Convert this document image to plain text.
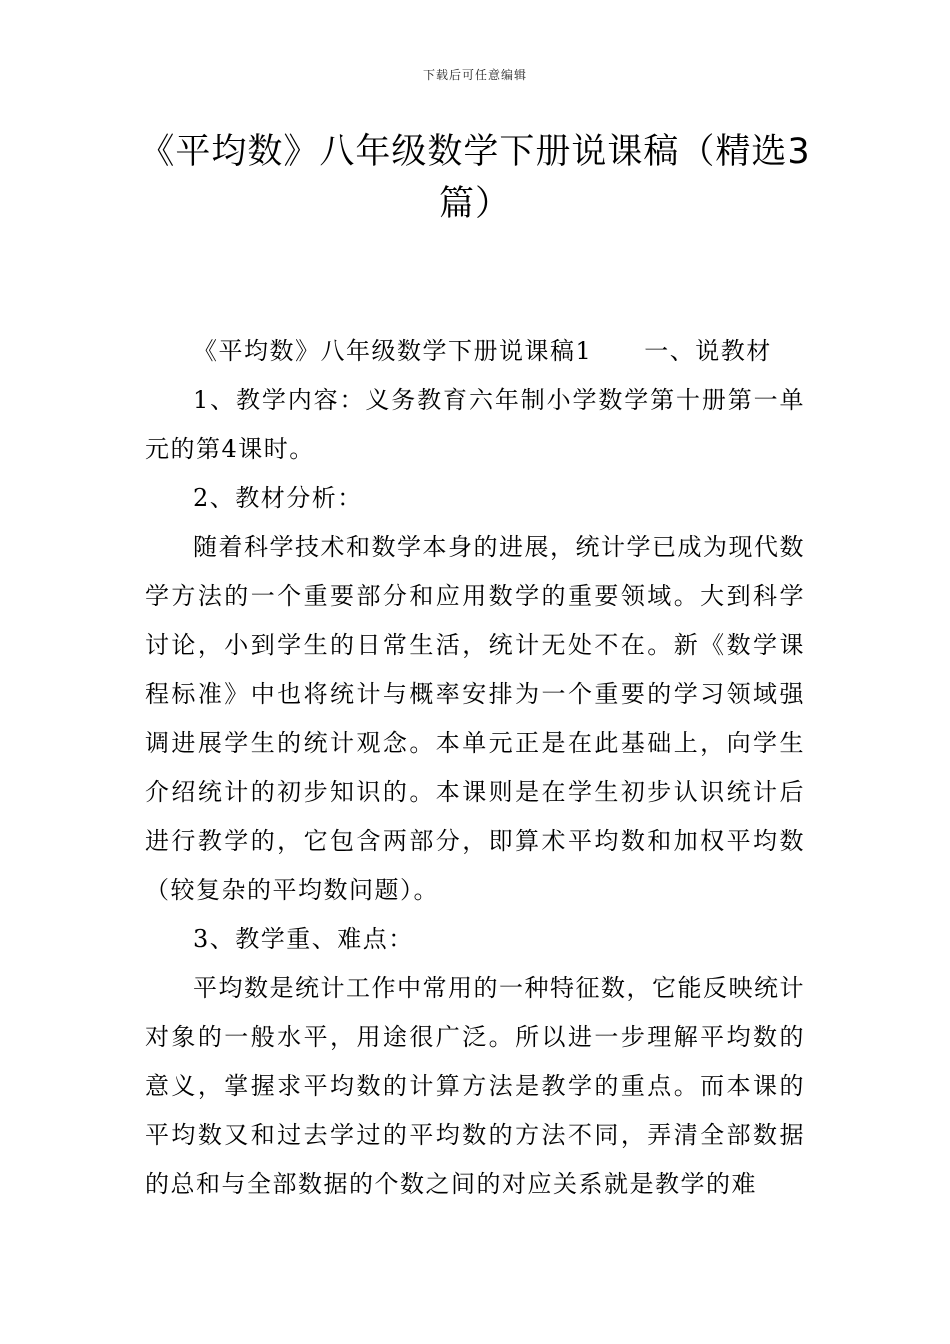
下载后可任意编辑
《平均数》八年级数学下册说课稿（精选3篇）

《平均数》八年级数学下册说课稿1 一、说教材

1、教学内容：义务教育六年制小学数学第十册第一单元的第4课时。

2、教材分析：

随着科学技术和数学本身的进展，统计学已成为现代数学方法的一个重要部分和应用数学的重要领域。大到科学讨论，小到学生的日常生活，统计无处不在。新《数学课程标准》中也将统计与概率安排为一个重要的学习领域强调进展学生的统计观念。本单元正是在此基础上，向学生介绍统计的初步知识的。本课则是在学生初步认识统计后进行教学的，它包含两部分，即算术平均数和加权平均数（较复杂的平均数问题）。

3、教学重、难点：

平均数是统计工作中常用的一种特征数，它能反映统计对象的一般水平，用途很广泛。所以进一步理解平均数的意义，掌握求平均数的计算方法是教学的重点。而本课的平均数又和过去学过的平均数的方法不同，弄清全部数据的总和与全部数据的个数之间的对应关系就是教学的难
